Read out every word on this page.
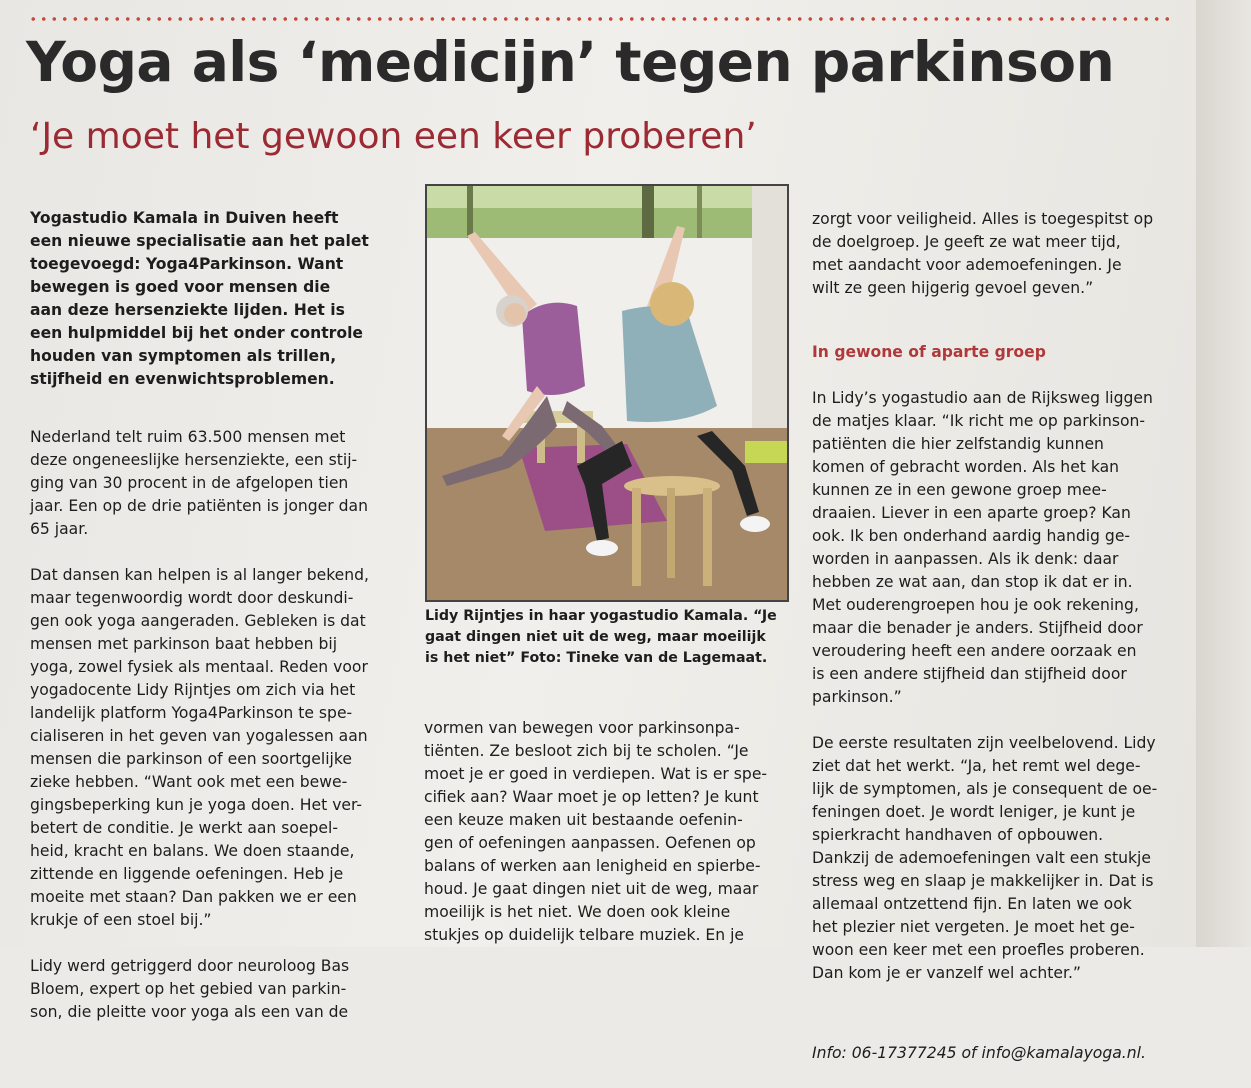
Yoga als ‘medicijn’ tegen parkinson
‘Je moet het gewoon een keer proberen’

Yogastudio Kamala in Duiven heeft
een nieuwe specialisatie aan het palet
toegevoegd: Yoga4Parkinson. Want
bewegen is goed voor mensen die
aan deze hersenziekte lijden. Het is
een hulpmiddel bij het onder controle
houden van symptomen als trillen,
stijfheid en evenwichtsproblemen.

Nederland telt ruim 63.500 mensen met
deze ongeneeslijke hersenziekte, een stij-
ging van 30 procent in de afgelopen tien
jaar. Een op de drie patiënten is jonger dan
65 jaar.

Dat dansen kan helpen is al langer bekend,
maar tegenwoordig wordt door deskundi-
gen ook yoga aangeraden. Gebleken is dat
mensen met parkinson baat hebben bij
yoga, zowel fysiek als mentaal. Reden voor
yogadocente Lidy Rijntjes om zich via het
landelijk platform Yoga4Parkinson te spe-
cialiseren in het geven van yogalessen aan
mensen die parkinson of een soortgelijke
zieke hebben. “Want ook met een bewe-
gingsbeperking kun je yoga doen. Het ver-
betert de conditie. Je werkt aan soepel-
heid, kracht en balans. We doen staande,
zittende en liggende oefeningen. Heb je
moeite met staan? Dan pakken we er een
krukje of een stoel bij.”

Lidy werd getriggerd door neuroloog Bas
Bloem, expert op het gebied van parkin-
son, die pleitte voor yoga als een van de

Lidy Rijntjes in haar yogastudio Kamala. “Je
gaat dingen niet uit de weg, maar moeilijk
is het niet” Foto: Tineke van de Lagemaat.

vormen van bewegen voor parkinsonpa-
tiënten. Ze besloot zich bij te scholen. “Je
moet je er goed in verdiepen. Wat is er spe-
cifiek aan? Waar moet je op letten? Je kunt
een keuze maken uit bestaande oefenin-
gen of oefeningen aanpassen. Oefenen op
balans of werken aan lenigheid en spierbe-
houd. Je gaat dingen niet uit de weg, maar
moeilijk is het niet. We doen ook kleine
stukjes op duidelijk telbare muziek. En je

zorgt voor veiligheid. Alles is toegespitst op
de doelgroep. Je geeft ze wat meer tijd,
met aandacht voor ademoefeningen. Je
wilt ze geen hijgerig gevoel geven.”

In gewone of aparte groep

In Lidy’s yogastudio aan de Rijksweg liggen
de matjes klaar. “Ik richt me op parkinson-
patiënten die hier zelfstandig kunnen
komen of gebracht worden. Als het kan
kunnen ze in een gewone groep mee-
draaien. Liever in een aparte groep? Kan
ook. Ik ben onderhand aardig handig ge-
worden in aanpassen. Als ik denk: daar
hebben ze wat aan, dan stop ik dat er in.
Met ouderengroepen hou je ook rekening,
maar die benader je anders. Stijfheid door
veroudering heeft een andere oorzaak en
is een andere stijfheid dan stijfheid door
parkinson.”

De eerste resultaten zijn veelbelovend. Lidy
ziet dat het werkt. “Ja, het remt wel dege-
lijk de symptomen, als je consequent de oe-
feningen doet. Je wordt leniger, je kunt je
spierkracht handhaven of opbouwen.
Dankzij de ademoefeningen valt een stukje
stress weg en slaap je makkelijker in. Dat is
allemaal ontzettend fijn. En laten we ook
het plezier niet vergeten. Je moet het ge-
woon een keer met een proefles proberen.
Dan kom je er vanzelf wel achter.”

Info: 06-17377245 of info@kamalayoga.nl.
